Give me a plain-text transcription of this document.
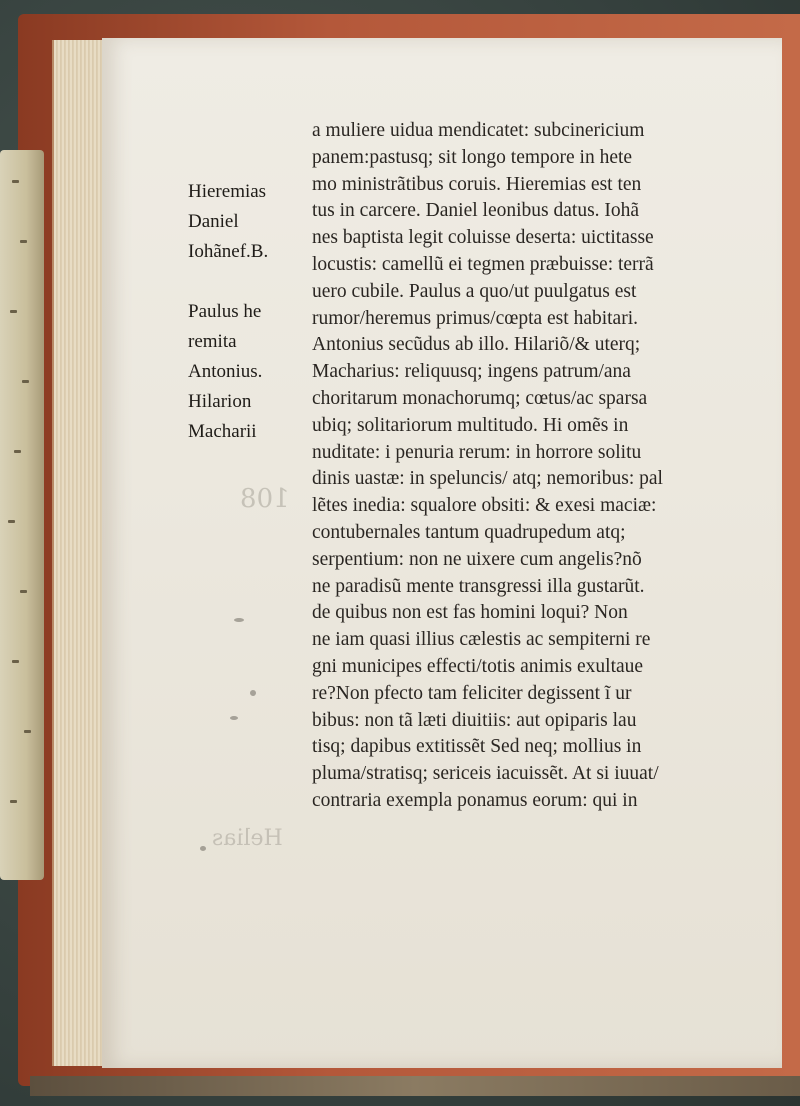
108
Helias
Hieremias
Daniel
Iohãnef.B.

Paulus he
remita
Antonius.
Hilarion
Macharii
a muliere uidua mendicatet: subcinericium
panem:pastusq; sit longo tempore in hete
mo ministrãtibus coruis. Hieremias est ten
tus in carcere. Daniel leonibus datus. Iohã
nes baptista legit coluisse deserta: uictitasse
locustis: camellũ ei tegmen præbuisse: terrã
uero cubile. Paulus a quo/ut puulgatus est
rumor/heremus primus/cœpta est habitari.
Antonius secũdus ab illo. Hilariõ/& uterq;
Macharius: reliquusq; ingens patrum/ana
choritarum monachorumq; cœtus/ac sparsa
ubiq; solitariorum multitudo. Hi omẽs in
nuditate: i penuria rerum: in horrore solitu
dinis uastæ: in speluncis/ atq; nemoribus: pal
lẽtes inedia: squalore obsiti: & exesi maciæ:
contubernales tantum quadrupedum atq;
serpentium: non ne uixere cum angelis?nõ
ne paradisũ mente transgressi illa gustarũt.
de quibus non est fas homini loqui? Non
ne iam quasi illius cælestis ac sempiterni re
gni municipes effecti/totis animis exultaue
re?Non pfecto tam feliciter degissent ĩ ur
bibus: non tã læti diuitiis: aut opiparis lau
tisq; dapibus extitissẽt Sed neq; mollius in
pluma/stratisq; sericeis iacuissẽt. At si iuuat/
contraria exempla ponamus eorum: qui in
